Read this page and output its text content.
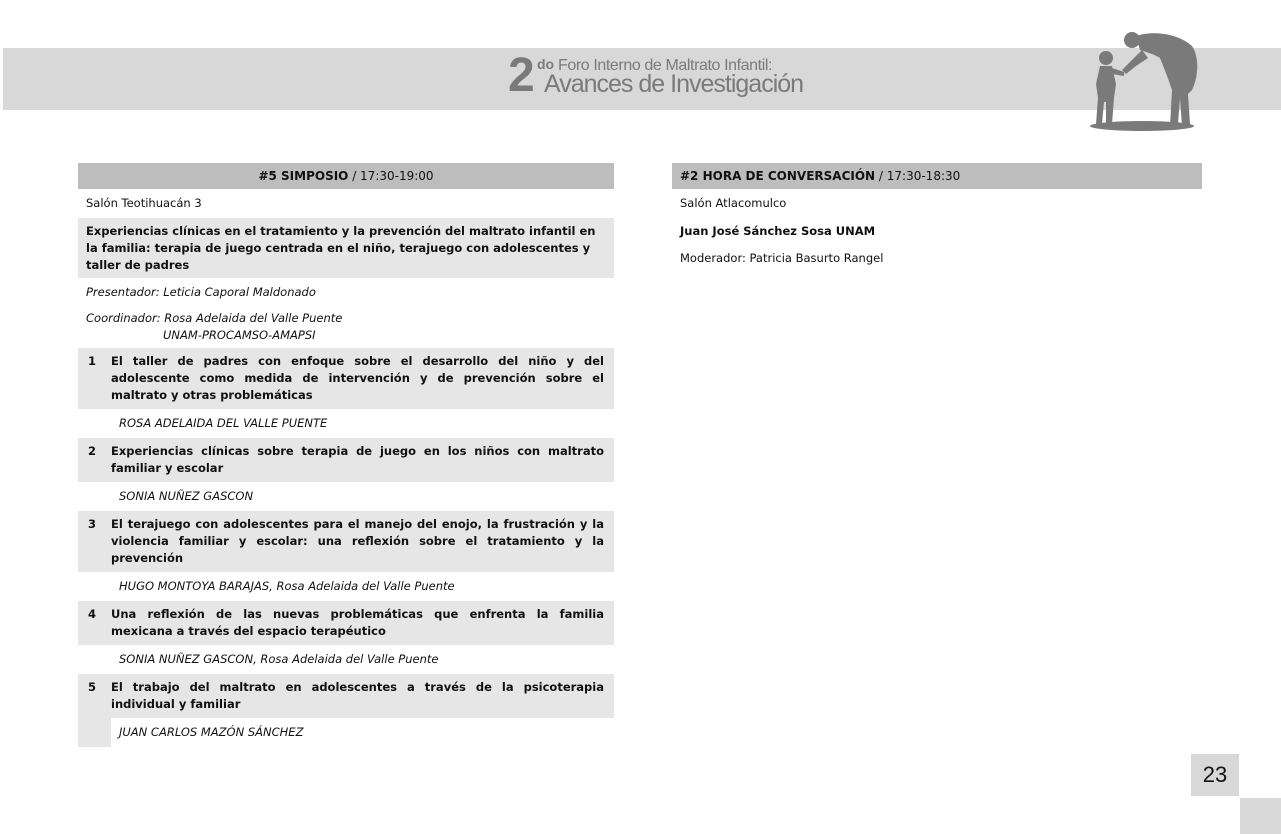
2 do Foro Interno de Maltrato Infantil:
Avances de Investigación
#5 SIMPOSIO / 17:30-19:00
Salón Teotihuacán 3
Experiencias clínicas en el tratamiento y la prevención del maltrato infantil en la familia: terapia de juego centrada en el niño, terajuego con adolescentes y taller de padres
Presentador: Leticia Caporal Maldonado
Coordinador: Rosa Adelaida del Valle Puente
UNAM-PROCAMSO-AMAPSI
1	El taller de padres con enfoque sobre el desarrollo del niño y del adolescente como medida de intervención y de prevención sobre el maltrato y otras problemáticas
ROSA ADELAIDA DEL VALLE PUENTE
2	Experiencias clínicas sobre terapia de juego en los niños con maltrato familiar y escolar
SONIA NUÑEZ GASCON
3	El terajuego con adolescentes para el manejo del enojo, la frustración y la violencia familiar y escolar: una reflexión sobre el tratamiento y la prevención
HUGO MONTOYA BARAJAS, Rosa Adelaida del Valle Puente
4	Una reflexión de las nuevas problemáticas que enfrenta la familia mexicana a través del espacio terapéutico
SONIA NUÑEZ GASCON, Rosa Adelaida del Valle Puente
5	El trabajo del maltrato en adolescentes a través de la psicoterapia individual y familiar
JUAN CARLOS MAZÓN SÁNCHEZ
#2 HORA DE CONVERSACIÓN / 17:30-18:30
Salón Atlacomulco
Juan José Sánchez Sosa UNAM
Moderador: Patricia Basurto Rangel
23
